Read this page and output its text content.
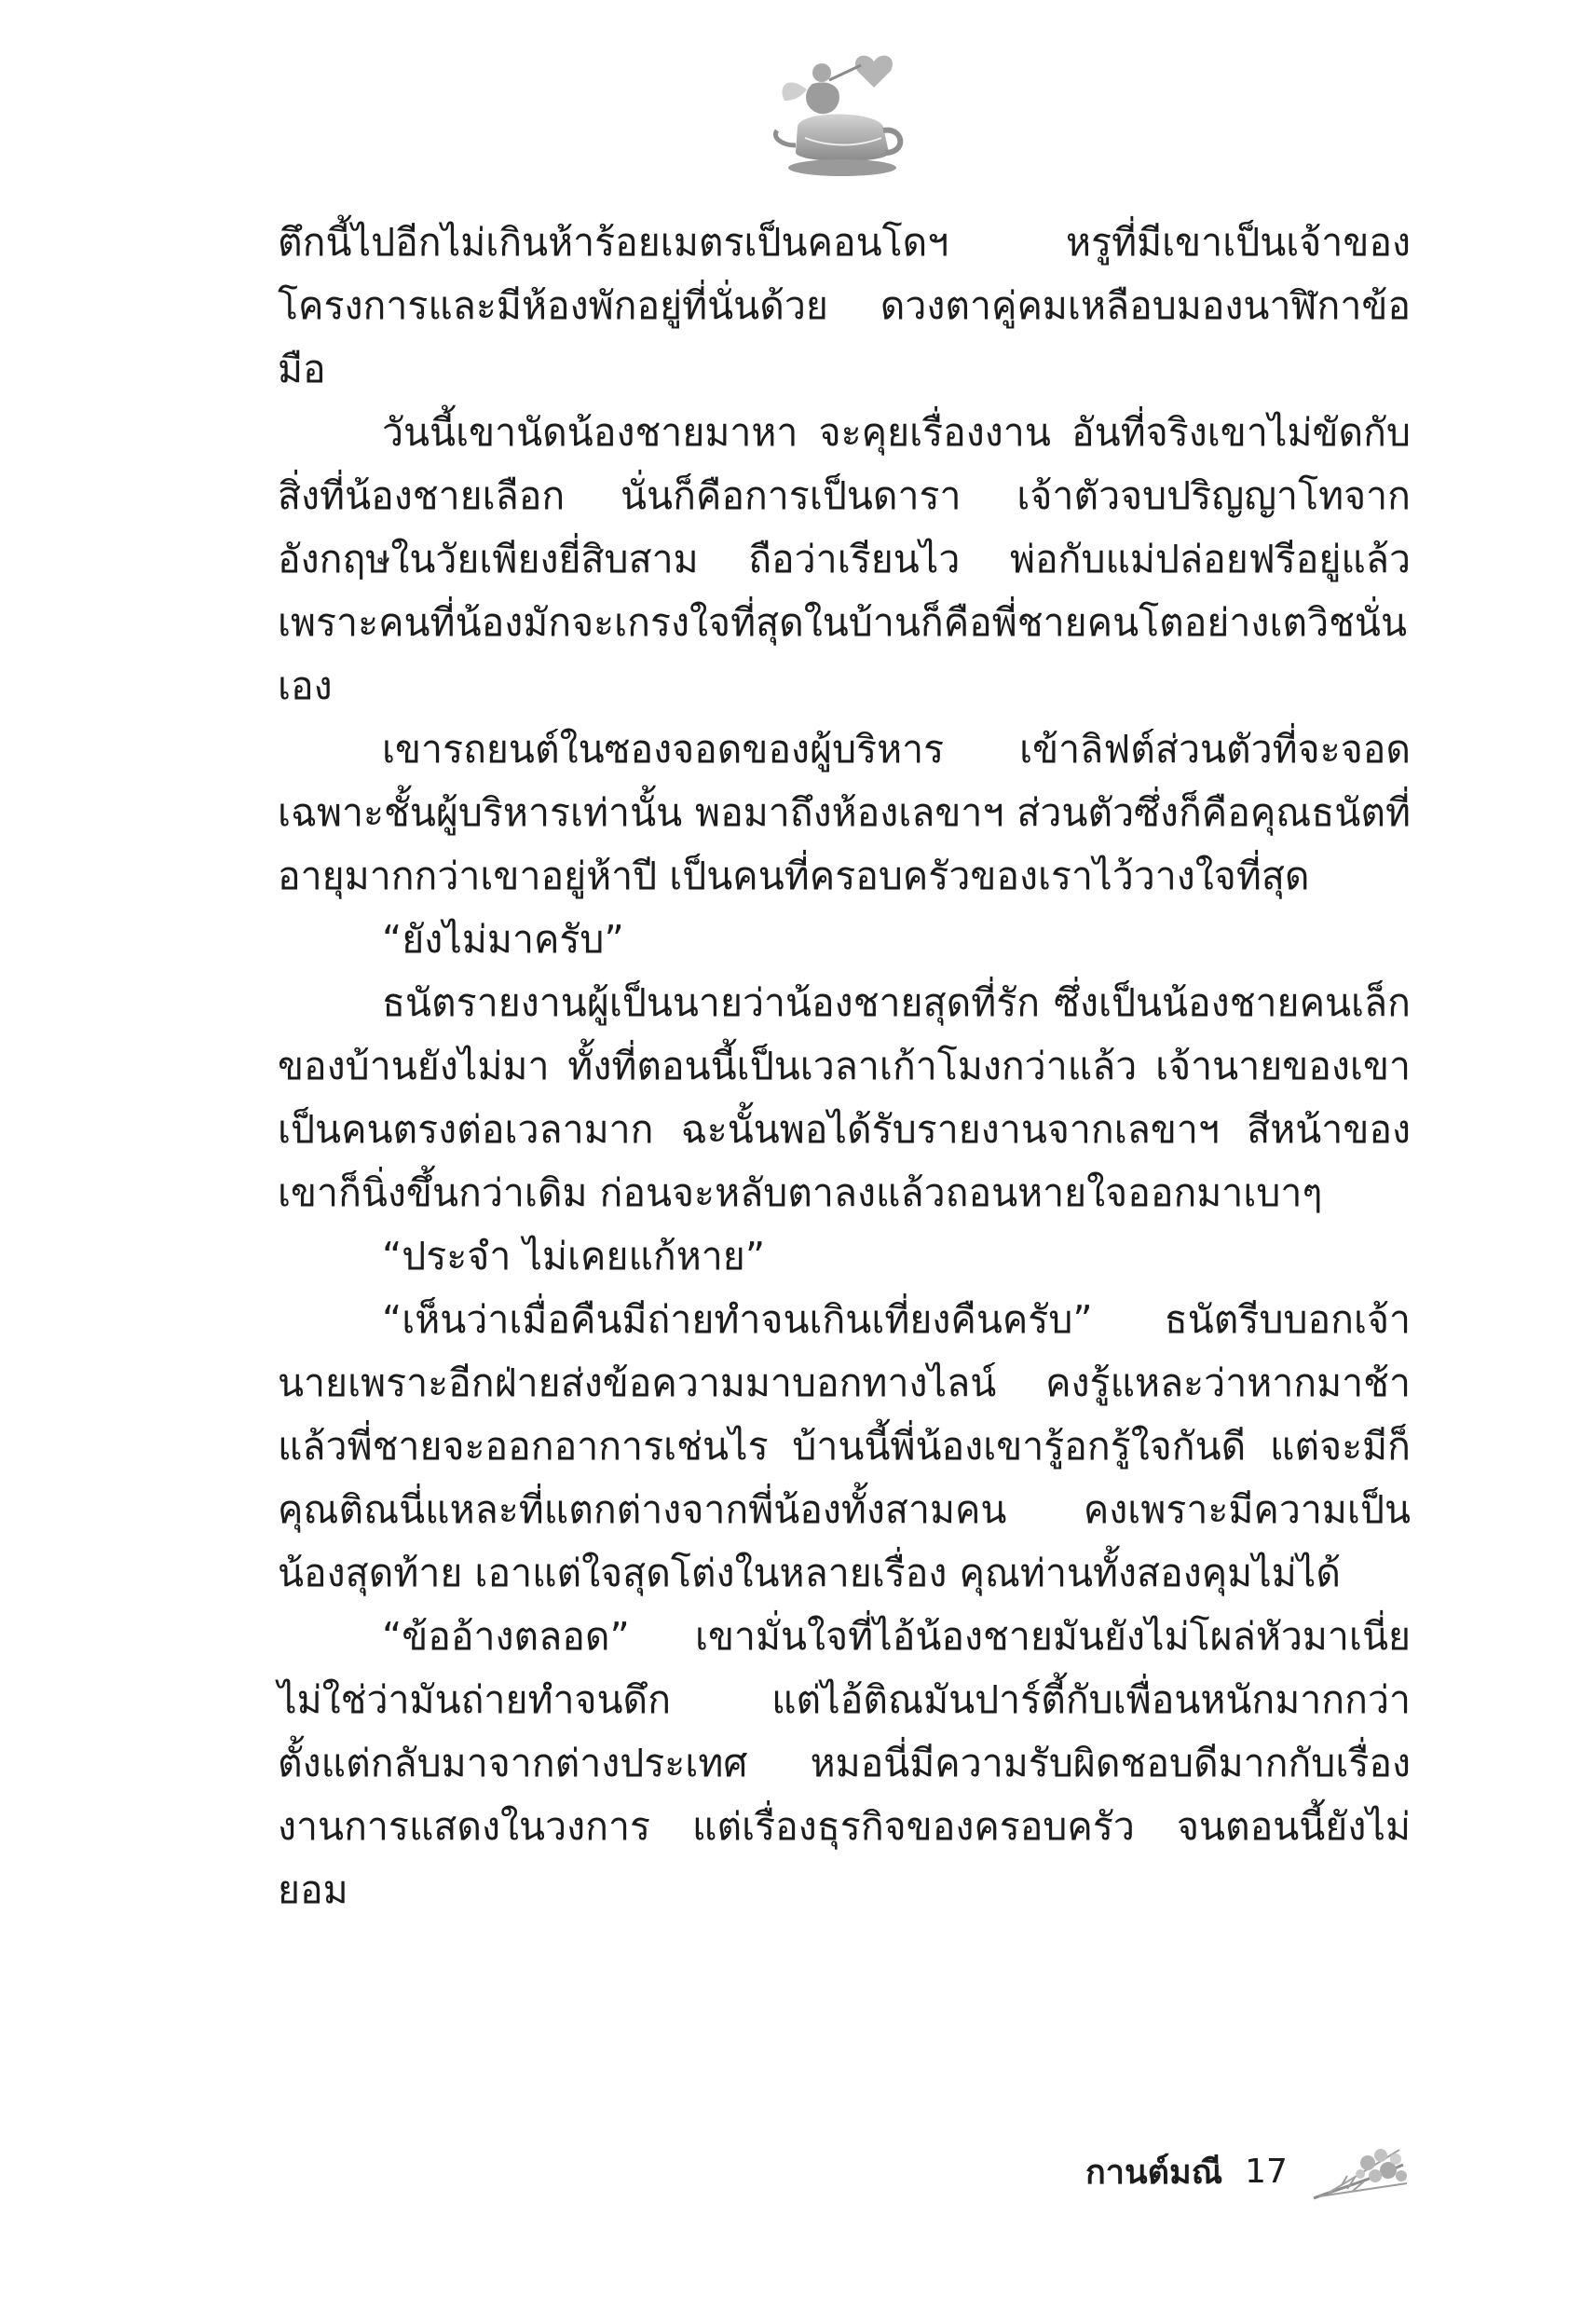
ตึกนี้ไปอีกไม่เกินห้าร้อยเมตรเป็นคอนโดฯ หรูที่มีเขาเป็นเจ้าของโครงการและมีห้องพักอยู่ที่นั่นด้วย ดวงตาคู่คมเหลือบมองนาฬิกาข้อมือ

วันนี้เขานัดน้องชายมาหา จะคุยเรื่องงาน อันที่จริงเขาไม่ขัดกับสิ่งที่น้องชายเลือก นั่นก็คือการเป็นดารา เจ้าตัวจบปริญญาโทจากอังกฤษในวัยเพียงยี่สิบสาม ถือว่าเรียนไว พ่อกับแม่ปล่อยฟรีอยู่แล้วเพราะคนที่น้องมักจะเกรงใจที่สุดในบ้านก็คือพี่ชายคนโตอย่างเตวิชนั่นเอง

เขารถยนต์ในซองจอดของผู้บริหาร เข้าลิฟต์ส่วนตัวที่จะจอดเฉพาะชั้นผู้บริหารเท่านั้น พอมาถึงห้องเลขาฯ ส่วนตัวซึ่งก็คือคุณธนัตที่อายุมากกว่าเขาอยู่ห้าปี เป็นคนที่ครอบครัวของเราไว้วางใจที่สุด

“ยังไม่มาครับ”

ธนัตรายงานผู้เป็นนายว่าน้องชายสุดที่รัก ซึ่งเป็นน้องชายคนเล็กของบ้านยังไม่มา ทั้งที่ตอนนี้เป็นเวลาเก้าโมงกว่าแล้ว เจ้านายของเขาเป็นคนตรงต่อเวลามาก ฉะนั้นพอได้รับรายงานจากเลขาฯ สีหน้าของเขาก็นิ่งขึ้นกว่าเดิม ก่อนจะหลับตาลงแล้วถอนหายใจออกมาเบาๆ

“ประจำ ไม่เคยแก้หาย”

“เห็นว่าเมื่อคืนมีถ่ายทำจนเกินเที่ยงคืนครับ” ธนัตรีบบอกเจ้านายเพราะอีกฝ่ายส่งข้อความมาบอกทางไลน์ คงรู้แหละว่าหากมาช้าแล้วพี่ชายจะออกอาการเช่นไร บ้านนี้พี่น้องเขารู้อกรู้ใจกันดี แต่จะมีก็คุณติณนี่แหละที่แตกต่างจากพี่น้องทั้งสามคน คงเพราะมีความเป็นน้องสุดท้าย เอาแต่ใจสุดโต่งในหลายเรื่อง คุณท่านทั้งสองคุมไม่ได้

“ข้ออ้างตลอด” เขามั่นใจที่ไอ้น้องชายมันยังไม่โผล่หัวมาเนี่ยไม่ใช่ว่ามันถ่ายทำจนดึก แต่ไอ้ติณมันปาร์ตี้กับเพื่อนหนักมากกว่า ตั้งแต่กลับมาจากต่างประเทศ หมอนี่มีความรับผิดชอบดีมากกับเรื่องงานการแสดงในวงการ แต่เรื่องธุรกิจของครอบครัว จนตอนนี้ยังไม่ยอม

กานต์มณี 17
